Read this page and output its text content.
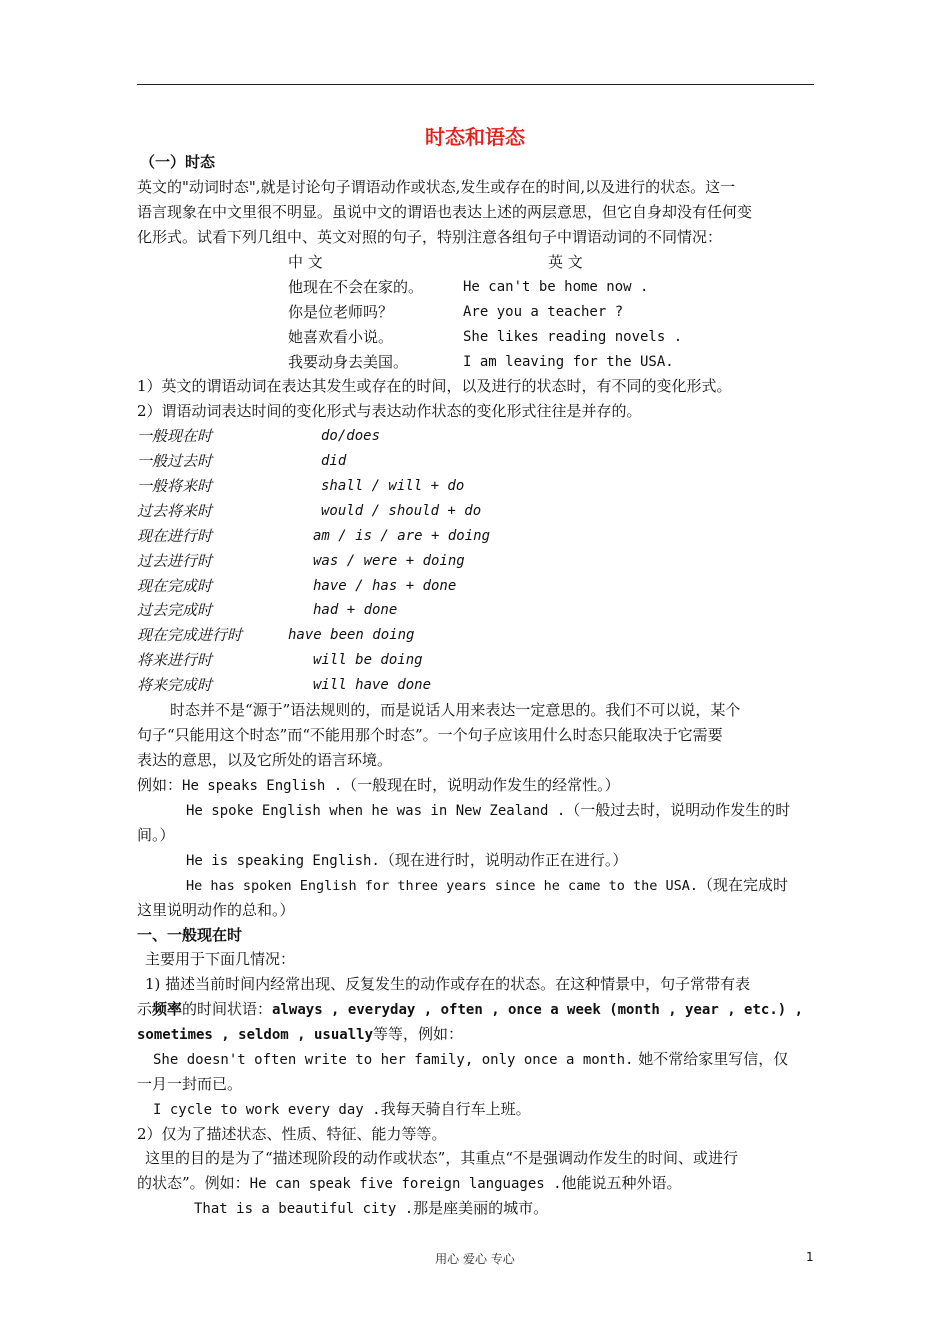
时态和语态
（一）时态
英文的"动词时态",就是讨论句子谓语动作或状态,发生或存在的时间,以及进行的状态。这一
语言现象在中文里很不明显。虽说中文的谓语也表达上述的两层意思，但它自身却没有任何变
化形式。试看下列几组中、英文对照的句子，特别注意各组句子中谓语动词的不同情况：
中 文	英 文
他现在不会在家的。	He can't be home now .
你是位老师吗？	Are you a teacher ?
她喜欢看小说。	She likes reading novels .
我要动身去美国。	I am leaving for the USA.
1）英文的谓语动词在表达其发生或存在的时间，以及进行的状态时，有不同的变化形式。
2）谓语动词表达时间的变化形式与表达动作状态的变化形式往往是并存的。
一般现在时	do/does
一般过去时	did
一般将来时	shall / will + do
过去将来时	would / should + do
现在进行时	am / is / are + doing
过去进行时	was / were + doing
现在完成时	have / has + done
过去完成时	had + done
现在完成进行时	have been doing
将来进行时	will be doing
将来完成时	will have done
时态并不是“源于”语法规则的，而是说话人用来表达一定意思的。我们不可以说，某个
句子“只能用这个时态”而“不能用那个时态”。一个句子应该用什么时态只能取决于它需要
表达的意思，以及它所处的语言环境。
例如：He speaks English .（一般现在时，说明动作发生的经常性。）
He spoke English when he was in New Zealand .（一般过去时，说明动作发生的时
间。）
He is speaking English.（现在进行时，说明动作正在进行。）
He has spoken English for three years since he came to the USA.（现在完成时
这里说明动作的总和。）
一、一般现在时
主要用于下面几情况：
1) 描述当前时间内经常出现、反复发生的动作或存在的状态。在这种情景中，句子常带有表
示频率的时间状语：always , everyday , often , once a week (month , year , etc.) ,
sometimes , seldom , usually等等，例如：
She doesn't often write to her family, only once a month. 她不常给家里写信，仅
一月一封而已。
I cycle to work every day .我每天骑自行车上班。
2）仅为了描述状态、性质、特征、能力等等。
这里的目的是为了“描述现阶段的动作或状态”，其重点“不是强调动作发生的时间、或进行
的状态”。例如：He can speak five foreign languages .他能说五种外语。
That is a beautiful city .那是座美丽的城市。
用心 爱心 专心	1
